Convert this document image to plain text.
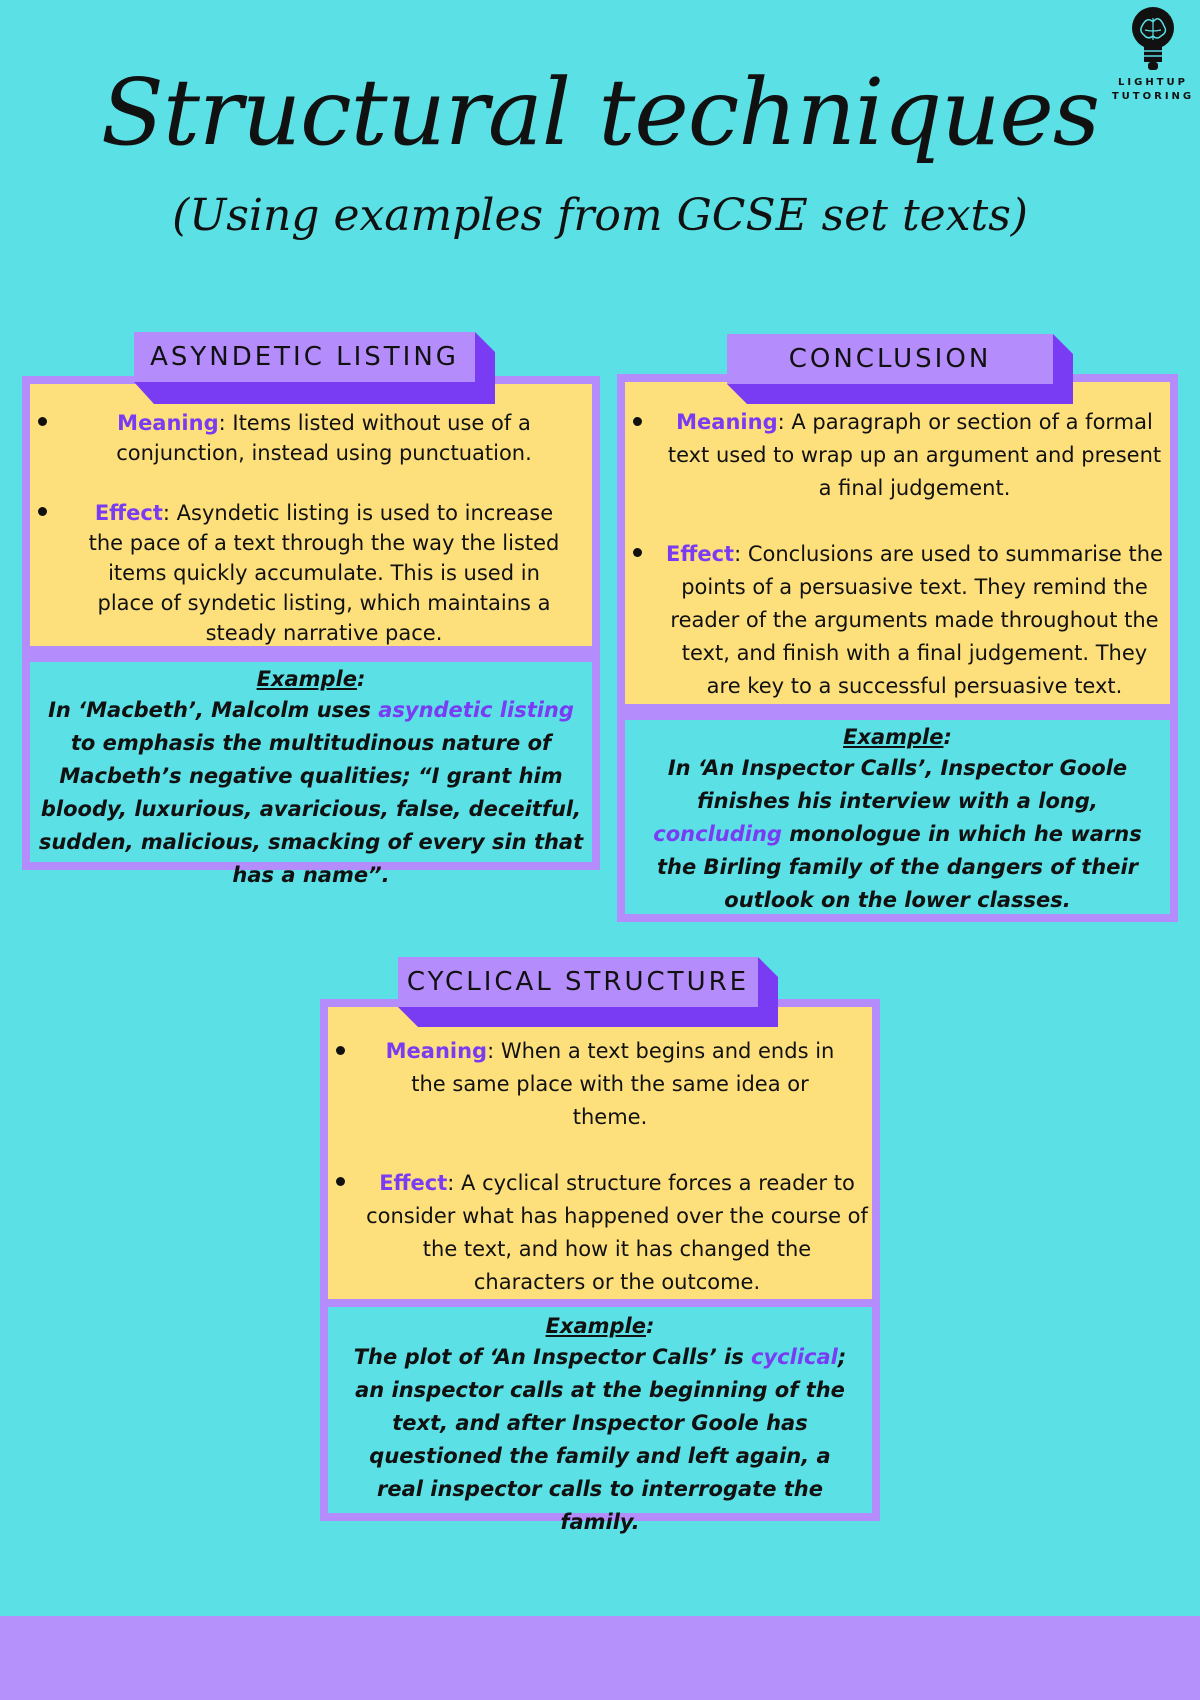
LIGHTUP
TUTORING
Structural techniques
(Using examples from GCSE set texts)
ASYNDETIC LISTING
Meaning: Items listed without use of a conjunction, instead using punctuation.
Effect: Asyndetic listing is used to increase the pace of a text through the way the listed items quickly accumulate. This is used in place of syndetic listing, which maintains a steady narrative pace.
Example:
In ‘Macbeth’, Malcolm uses asyndetic listing to emphasis the multitudinous nature of Macbeth’s negative qualities; “I grant him bloody, luxurious, avaricious, false, deceitful, sudden, malicious, smacking of every sin that has a name”.
CONCLUSION
Meaning: A paragraph or section of a formal text used to wrap up an argument and present a final judgement.
Effect: Conclusions are used to summarise the points of a persuasive text. They remind the reader of the arguments made throughout the text, and finish with a final judgement. They are key to a successful persuasive text.
Example:
In ‘An Inspector Calls’, Inspector Goole finishes his interview with a long, concluding monologue in which he warns the Birling family of the dangers of their outlook on the lower classes.
CYCLICAL STRUCTURE
Meaning: When a text begins and ends in the same place with the same idea or theme.
Effect: A cyclical structure forces a reader to consider what has happened over the course of the text, and how it has changed the characters or the outcome.
Example:
The plot of ‘An Inspector Calls’ is cyclical; an inspector calls at the beginning of the text, and after Inspector Goole has questioned the family and left again, a real inspector calls to interrogate the family.
